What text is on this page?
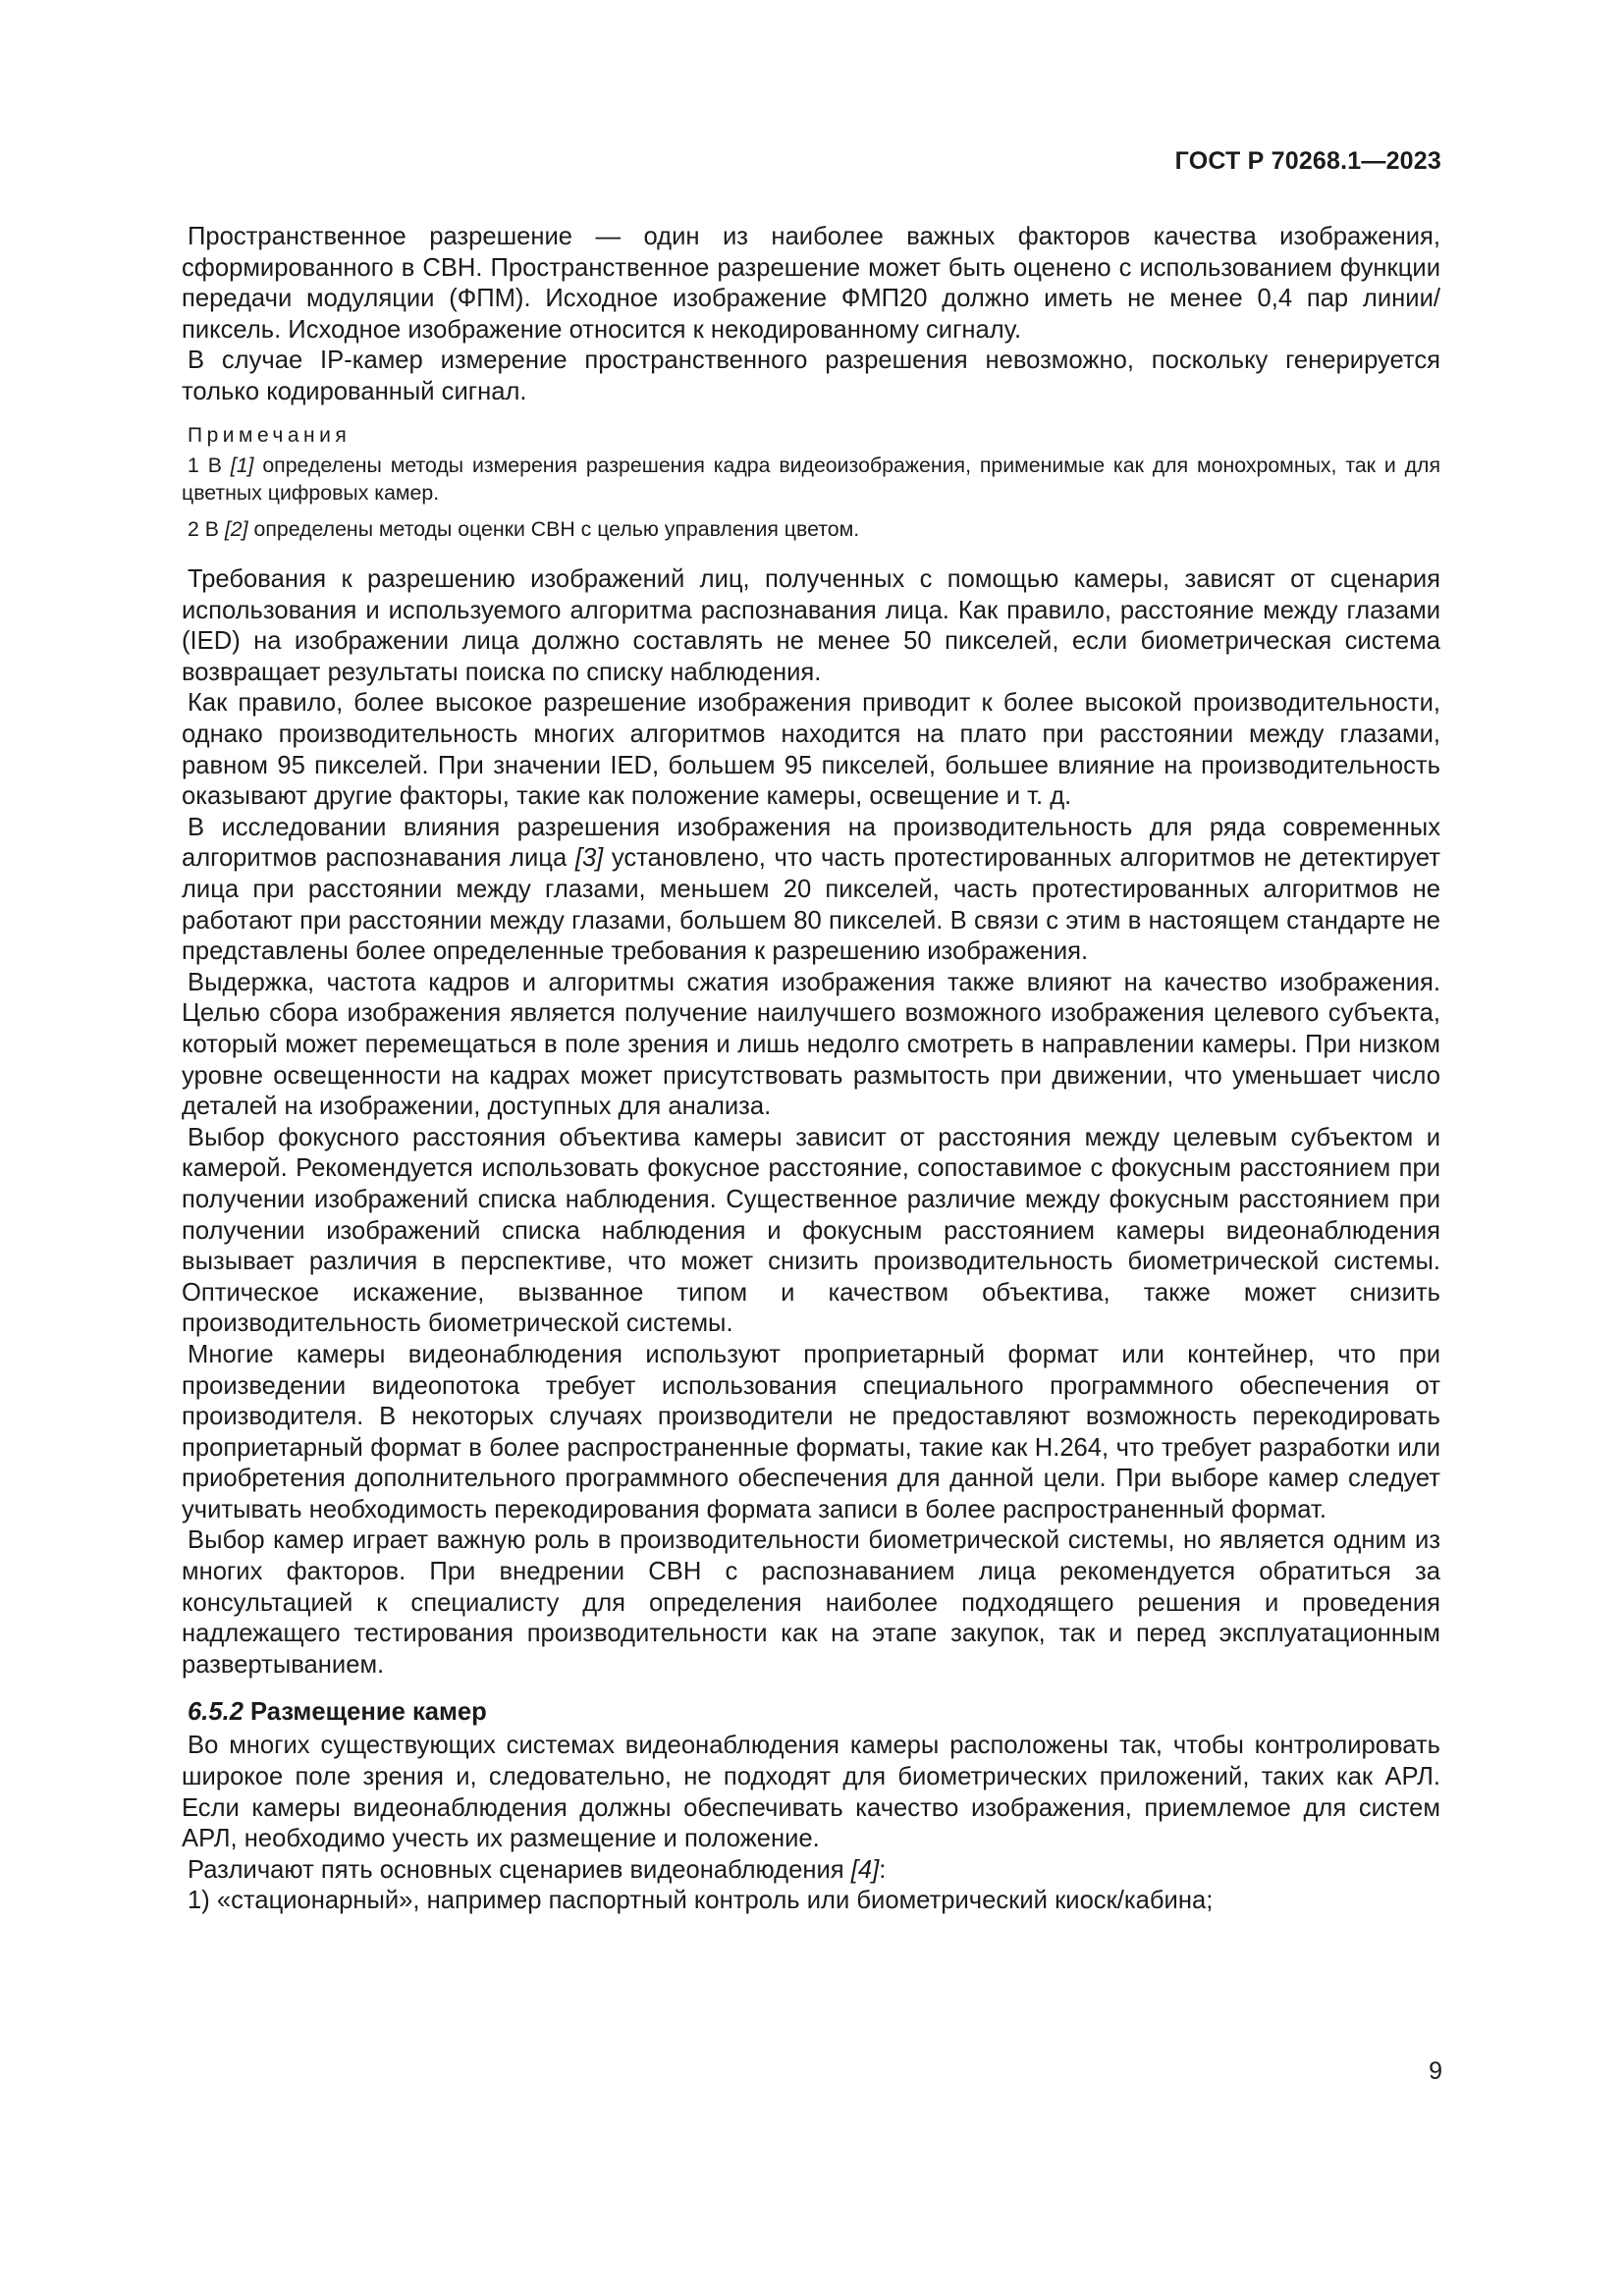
ГОСТ Р 70268.1—2023

Пространственное разрешение — один из наиболее важных факторов качества изображения, сформированного в СВН. Пространственное разрешение может быть оценено с использованием функции передачи модуляции (ФПМ). Исходное изображение ФМП20 должно иметь не менее 0,4 пар линии/пиксель. Исходное изображение относится к некодированному сигналу.

В случае IP-камер измерение пространственного разрешения невозможно, поскольку генерируется только кодированный сигнал.

Примечания

1 В [1] определены методы измерения разрешения кадра видеоизображения, применимые как для монохромных, так и для цветных цифровых камер.

2 В [2] определены методы оценки СВН с целью управления цветом.

Требования к разрешению изображений лиц, полученных с помощью камеры, зависят от сценария использования и используемого алгоритма распознавания лица. Как правило, расстояние между глазами (IED) на изображении лица должно составлять не менее 50 пикселей, если биометрическая система возвращает результаты поиска по списку наблюдения.

Как правило, более высокое разрешение изображения приводит к более высокой производительности, однако производительность многих алгоритмов находится на плато при расстоянии между глазами, равном 95 пикселей. При значении IED, большем 95 пикселей, большее влияние на производительность оказывают другие факторы, такие как положение камеры, освещение и т. д.

В исследовании влияния разрешения изображения на производительность для ряда современных алгоритмов распознавания лица [3] установлено, что часть протестированных алгоритмов не детектирует лица при расстоянии между глазами, меньшем 20 пикселей, часть протестированных алгоритмов не работают при расстоянии между глазами, большем 80 пикселей. В связи с этим в настоящем стандарте не представлены более определенные требования к разрешению изображения.

Выдержка, частота кадров и алгоритмы сжатия изображения также влияют на качество изображения. Целью сбора изображения является получение наилучшего возможного изображения целевого субъекта, который может перемещаться в поле зрения и лишь недолго смотреть в направлении камеры. При низком уровне освещенности на кадрах может присутствовать размытость при движении, что уменьшает число деталей на изображении, доступных для анализа.

Выбор фокусного расстояния объектива камеры зависит от расстояния между целевым субъектом и камерой. Рекомендуется использовать фокусное расстояние, сопоставимое с фокусным расстоянием при получении изображений списка наблюдения. Существенное различие между фокусным расстоянием при получении изображений списка наблюдения и фокусным расстоянием камеры видеонаблюдения вызывает различия в перспективе, что может снизить производительность биометрической системы. Оптическое искажение, вызванное типом и качеством объектива, также может снизить производительность биометрической системы.

Многие камеры видеонаблюдения используют проприетарный формат или контейнер, что при произведении видеопотока требует использования специального программного обеспечения от производителя. В некоторых случаях производители не предоставляют возможность перекодировать проприетарный формат в более распространенные форматы, такие как H.264, что требует разработки или приобретения дополнительного программного обеспечения для данной цели. При выборе камер следует учитывать необходимость перекодирования формата записи в более распространенный формат.

Выбор камер играет важную роль в производительности биометрической системы, но является одним из многих факторов. При внедрении СВН с распознаванием лица рекомендуется обратиться за консультацией к специалисту для определения наиболее подходящего решения и проведения надлежащего тестирования производительности как на этапе закупок, так и перед эксплуатационным развертыванием.

6.5.2 Размещение камер

Во многих существующих системах видеонаблюдения камеры расположены так, чтобы контролировать широкое поле зрения и, следовательно, не подходят для биометрических приложений, таких как АРЛ. Если камеры видеонаблюдения должны обеспечивать качество изображения, приемлемое для систем АРЛ, необходимо учесть их размещение и положение.

Различают пять основных сценариев видеонаблюдения [4]:

1) «стационарный», например паспортный контроль или биометрический киоск/кабина;

9
